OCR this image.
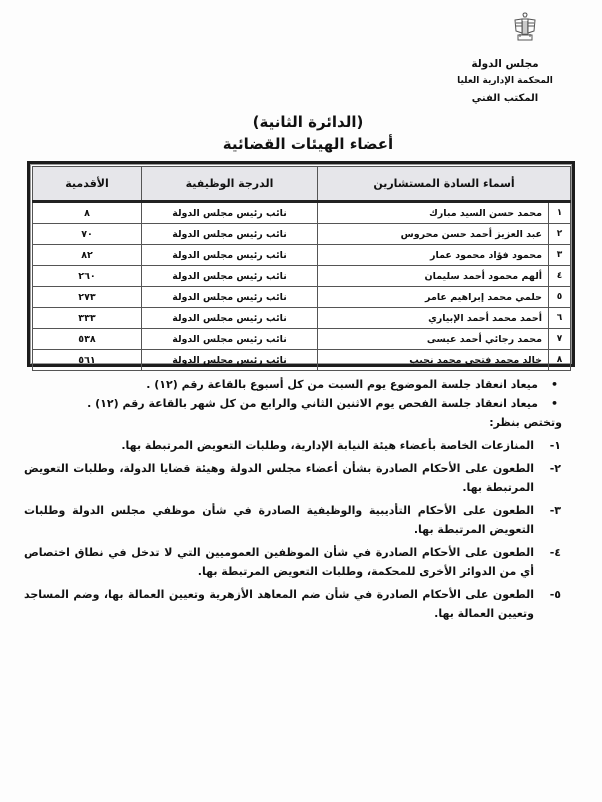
مجلس الدولة
المحكمة الإدارية العليا
المكتب الفني
(الدائرة الثانية)
أعضاء الهيئات القضائية
أسماء السادة المستشارين		الدرجة الوظيفية	الأقدمية
١	محمد حسن السيد مبارك	نائب رئيس مجلس الدولة	٨
٢	عبد العزيز أحمد حسن محروس	نائب رئيس مجلس الدولة	٧٠
٣	محمود فؤاد محمود عمار	نائب رئيس مجلس الدولة	٨٢
٤	ألهم محمود أحمد سليمان	نائب رئيس مجلس الدولة	٢٦٠
٥	حلمي محمد إبراهيم عامر	نائب رئيس مجلس الدولة	٢٧٣
٦	أحمد محمد أحمد الإبياري	نائب رئيس مجلس الدولة	٣٣٣
٧	محمد رجائي أحمد عيسى	نائب رئيس مجلس الدولة	٥٣٨
٨	خالد محمد فتحي محمد نجيب	نائب رئيس مجلس الدولة	٥٦١
•
ميعاد انعقاد جلسة الموضوع يوم السبت من كل أسبوع بالقاعة رقم (١٢) .
•
ميعاد انعقاد جلسة الفحص يوم الاثنين الثاني والرابع من كل شهر بالقاعة رقم (١٢) .
وتختص بنظر:
١-
المنازعات الخاصة بأعضاء هيئة النيابة الإدارية، وطلبات التعويض المرتبطة بها.
٢-
الطعون على الأحكام الصادرة بشأن أعضاء مجلس الدولة وهيئة قضايا الدولة، وطلبات التعويض المرتبطة بها.
٣-
الطعون على الأحكام التأديبية والوظيفية الصادرة في شأن موظفي مجلس الدولة وطلبات التعويض المرتبطة بها.
٤-
الطعون على الأحكام الصادرة في شأن الموظفين العموميين التي لا تدخل في نطاق اختصاص أي من الدوائر الأخرى للمحكمة، وطلبات التعويض المرتبطة بها.
٥-
الطعون على الأحكام الصادرة في شأن ضم المعاهد الأزهرية وتعيين العمالة بها، وضم المساجد وتعيين العمالة بها.
